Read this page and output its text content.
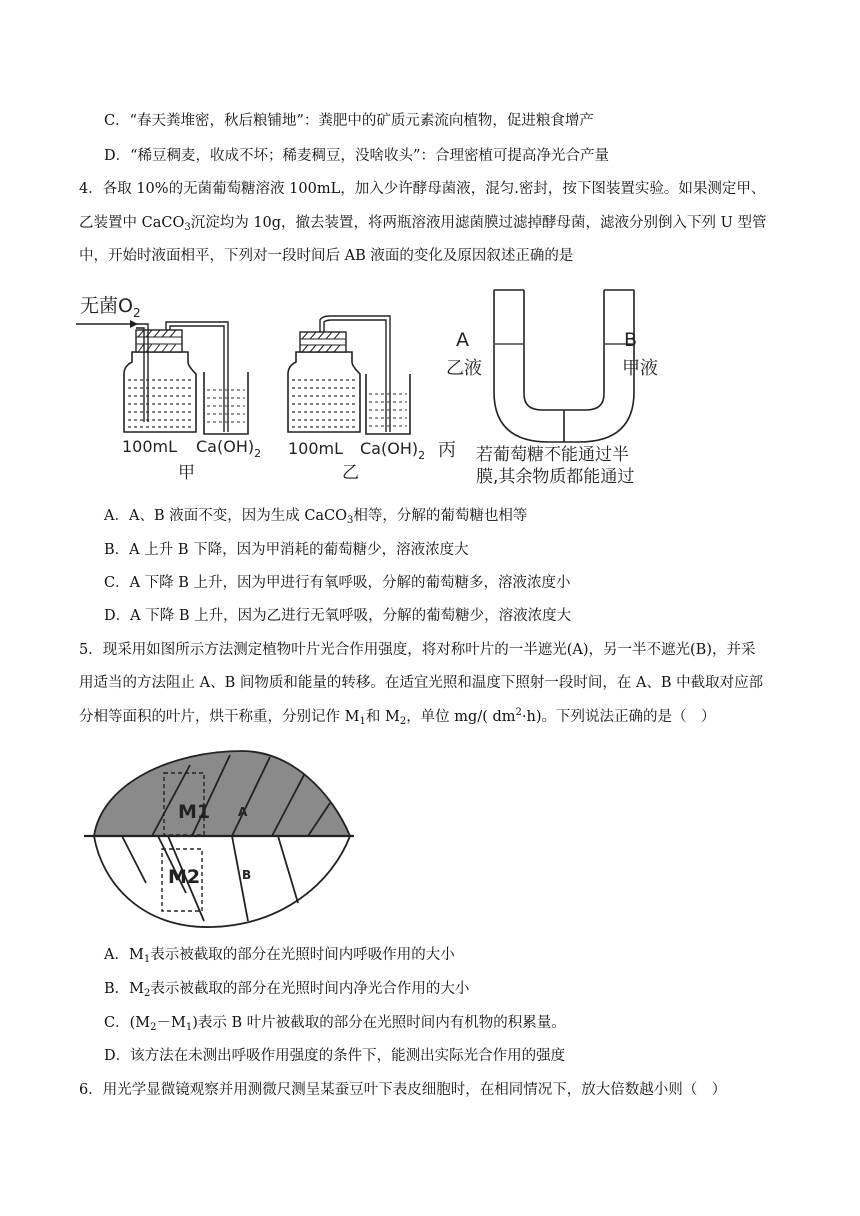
C．“春天粪堆密，秋后粮铺地”：粪肥中的矿质元素流向植物，促进粮食增产
D．“稀豆稠麦，收成不坏；稀麦稠豆，没啥收头”：合理密植可提高净光合产量
4．各取 10%的无菌葡萄糖溶液 100mL，加入少许酵母菌液，混匀.密封，按下图装置实验。如果测定甲、
乙装置中 CaCO$_3$沉淀均为 10g，撤去装置，将两瓶溶液用滤菌膜过滤掉酵母菌，滤液分别倒入下列 U 型管
中，开始时液面相平，下列对一段时间后 AB 液面的变化及原因叙述正确的是
无菌$O_2$
100mL $Ca(OH)_2$
甲
100mL $Ca(OH)_2$
乙
丙
A
乙液
B
甲液
若葡萄糖不能通过半
膜,其余物质都能通过
A．A、B 液面不变，因为生成 CaCO$_3$相等，分解的葡萄糖也相等
B．A 上升 B 下降，因为甲消耗的葡萄糖少，溶液浓度大
C．A 下降 B 上升，因为甲进行有氧呼吸，分解的葡萄糖多，溶液浓度小
D．A 下降 B 上升，因为乙进行无氧呼吸，分解的葡萄糖少，溶液浓度大
5．现采用如图所示方法测定植物叶片光合作用强度，将对称叶片的一半遮光(A)，另一半不遮光(B)，并采
用适当的方法阻止 A、B 间物质和能量的转移。在适宜光照和温度下照射一段时间，在 A、B 中截取对应部
分相等面积的叶片，烘干称重，分别记作 $M_1$和 $M_2$，单位 mg/( $dm^2\cdot h$)。下列说法正确的是（　）
M1
M2
A
B
A．$M_1$表示被截取的部分在光照时间内呼吸作用的大小
B．$M_2$表示被截取的部分在光照时间内净光合作用的大小
C．$(M_2-M_1)$表示 B 叶片被截取的部分在光照时间内有机物的积累量。
D．该方法在未测出呼吸作用强度的条件下，能测出实际光合作用的强度
6．用光学显微镜观察并用测微尺测呈某蚕豆叶下表皮细胞时，在相同情况下，放大倍数越小则（　）
